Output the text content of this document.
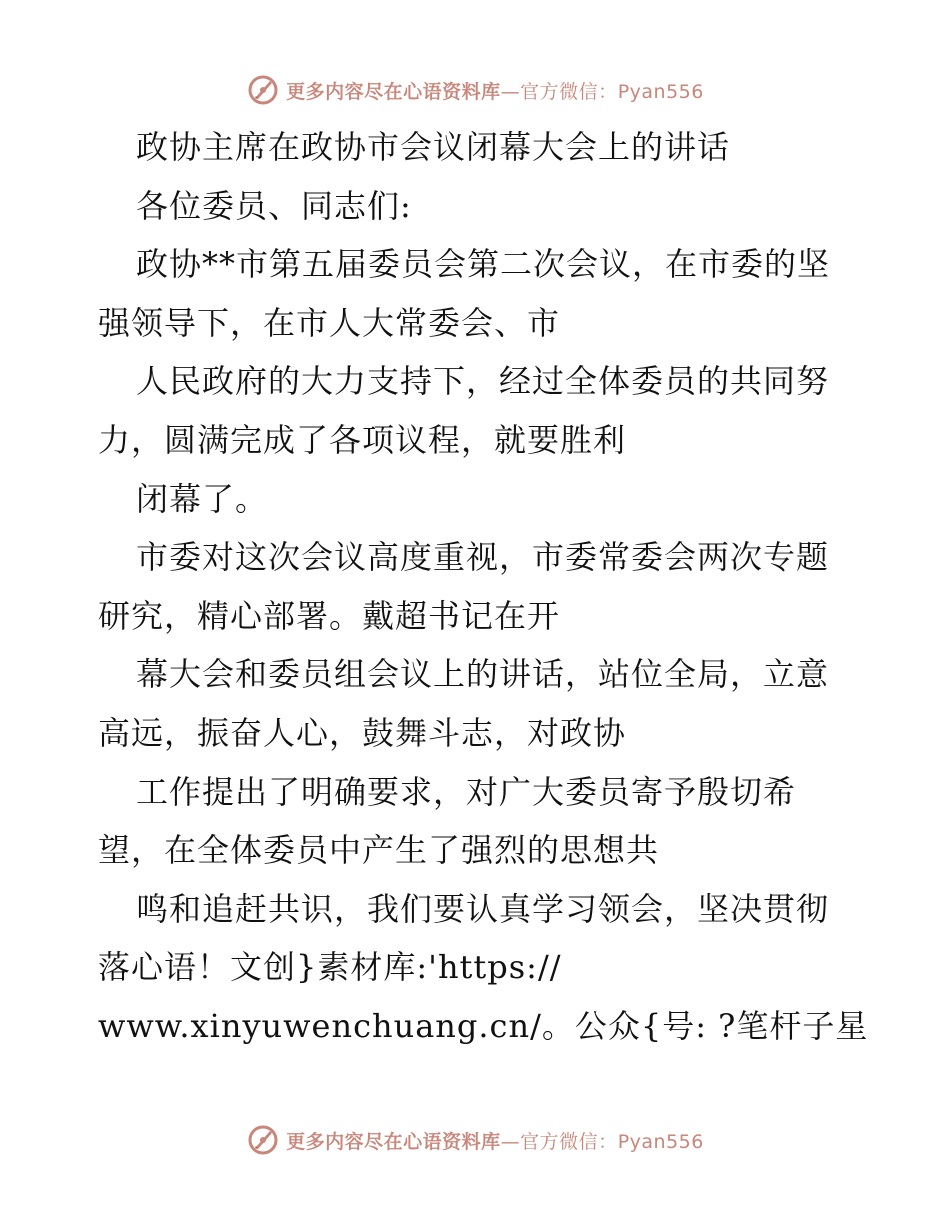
更多内容尽在心语资料库—官方微信：Pyan556
政协主席在政协市会议闭幕大会上的讲话
各位委员、同志们:
政协**市第五届委员会第二次会议，在市委的坚
强领导下，在市人大常委会、市
人民政府的大力支持下，经过全体委员的共同努
力，圆满完成了各项议程，就要胜利
闭幕了。
市委对这次会议高度重视，市委常委会两次专题
研究，精心部署。戴超书记在开
幕大会和委员组会议上的讲话，站位全局，立意
高远，振奋人心，鼓舞斗志，对政协
工作提出了明确要求，对广大委员寄予殷切希
望，在全体委员中产生了强烈的思想共
鸣和追赶共识，我们要认真学习领会，坚决贯彻
落心语！文创}素材库:'https://
www.xinyuwenchuang.cn/。公众{号: ?笔杆子星
更多内容尽在心语资料库—官方微信：Pyan556
